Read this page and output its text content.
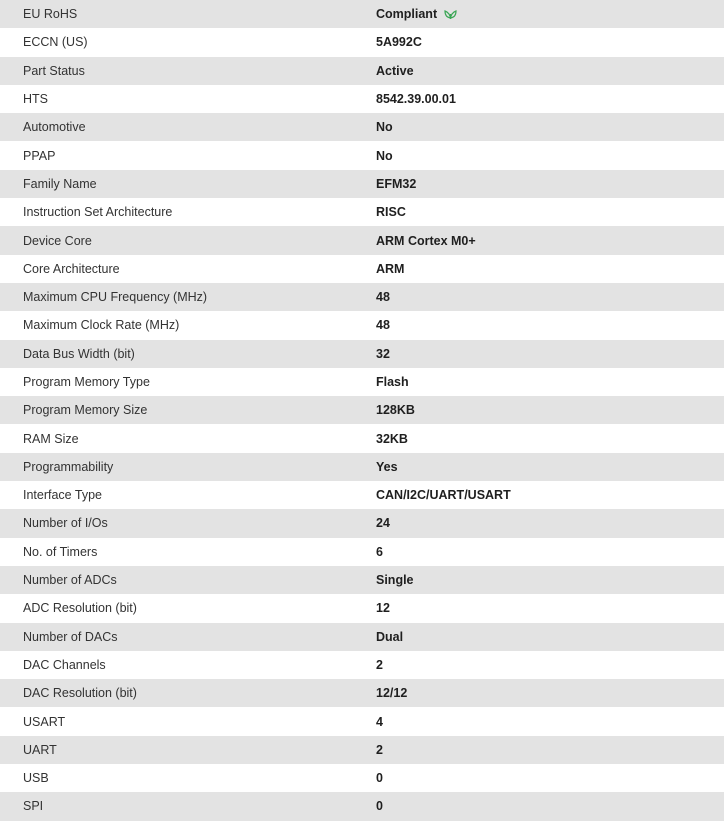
EU RoHS	Compliant
ECCN (US)	5A992C
Part Status	Active
HTS	8542.39.00.01
Automotive	No
PPAP	No
Family Name	EFM32
Instruction Set Architecture	RISC
Device Core	ARM Cortex M0+
Core Architecture	ARM
Maximum CPU Frequency (MHz)	48
Maximum Clock Rate (MHz)	48
Data Bus Width (bit)	32
Program Memory Type	Flash
Program Memory Size	128KB
RAM Size	32KB
Programmability	Yes
Interface Type	CAN/I2C/UART/USART
Number of I/Os	24
No. of Timers	6
Number of ADCs	Single
ADC Resolution (bit)	12
Number of DACs	Dual
DAC Channels	2
DAC Resolution (bit)	12/12
USART	4
UART	2
USB	0
SPI	0
